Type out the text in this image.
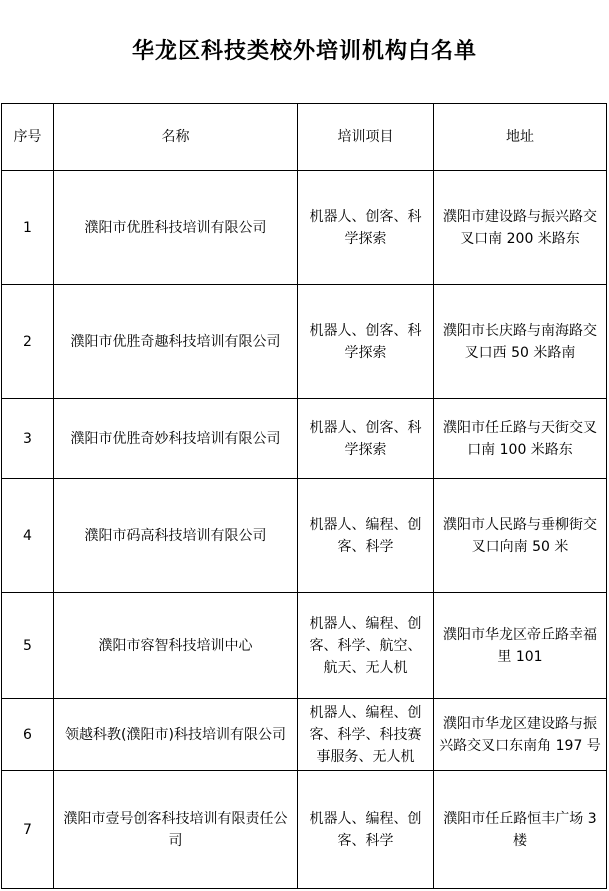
华龙区科技类校外培训机构白名单
序号	名称	培训项目	地址
1	濮阳市优胜科技培训有限公司	机器人、创客、科学探索	濮阳市建设路与振兴路交叉口南 200 米路东
2	濮阳市优胜奇趣科技培训有限公司	机器人、创客、科学探索	濮阳市长庆路与南海路交叉口西 50 米路南
3	濮阳市优胜奇妙科技培训有限公司	机器人、创客、科学探索	濮阳市任丘路与天街交叉口南 100 米路东
4	濮阳市码高科技培训有限公司	机器人、编程、创客、科学	濮阳市人民路与垂柳街交叉口向南 50 米
5	濮阳市容智科技培训中心	机器人、编程、创客、科学、航空、航天、无人机	濮阳市华龙区帝丘路幸福里 101
6	领越科教(濮阳市)科技培训有限公司	机器人、编程、创客、科学、科技赛事服务、无人机	濮阳市华龙区建设路与振兴路交叉口东南角 197 号
7	濮阳市壹号创客科技培训有限责任公司	机器人、编程、创客、科学	濮阳市任丘路恒丰广场 3 楼
